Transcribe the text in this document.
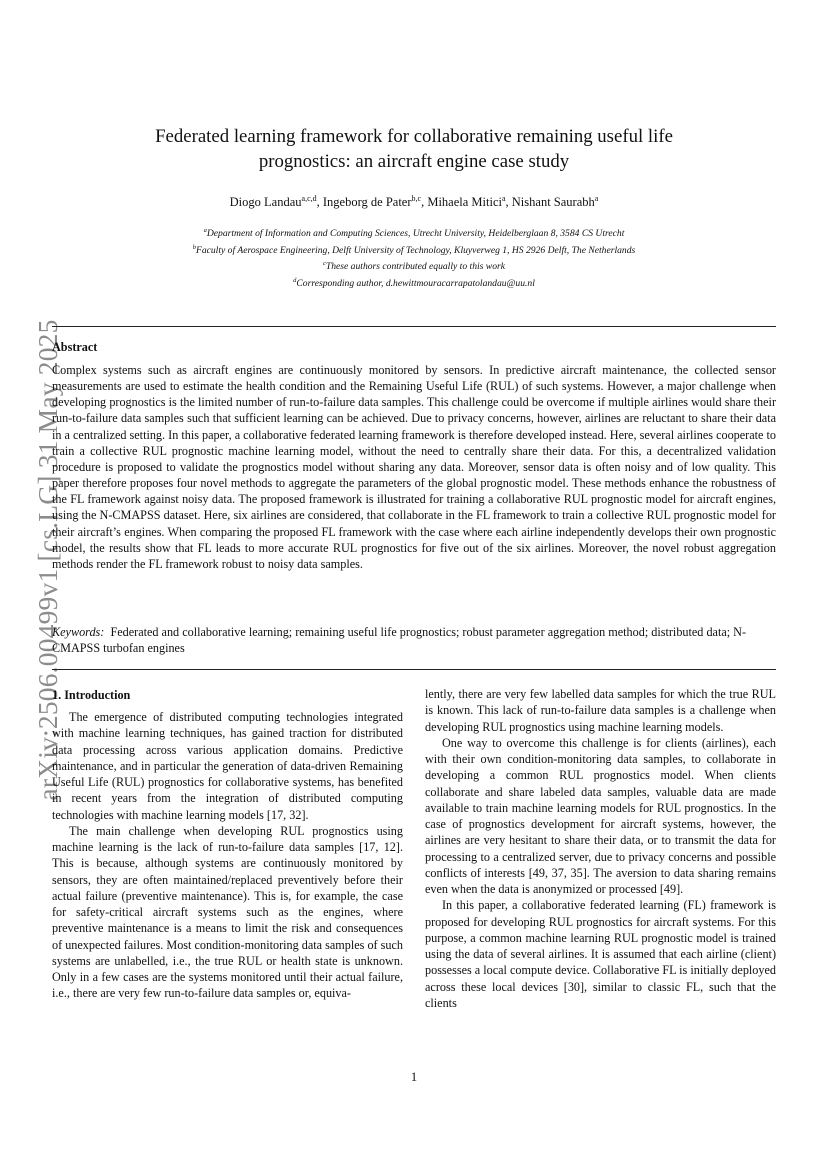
arXiv:2506.00499v1 [cs.LG] 31 May 2025
Federated learning framework for collaborative remaining useful life
prognostics: an aircraft engine case study
Diogo Landau$^{a,c,d}$, Ingeborg de Pater$^{b,c}$, Mihaela Mitici$^a$, Nishant Saurabh$^a$
$^a$Department of Information and Computing Sciences, Utrecht University, Heidelberglaan 8, 3584 CS Utrecht
$^b$Faculty of Aerospace Engineering, Delft University of Technology, Kluyverweg 1, HS 2926 Delft, The Netherlands
$^c$These authors contributed equally to this work
$^d$Corresponding author, d.hewittmouracarrapatolandau@uu.nl
Abstract

Complex systems such as aircraft engines are continuously monitored by sensors. In predictive aircraft maintenance, the collected sensor measurements are used to estimate the health condition and the Remaining Useful Life (RUL) of such systems. However, a major challenge when developing prognostics is the limited number of run-to-failure data samples. This challenge could be overcome if multiple airlines would share their run-to-failure data samples such that sufficient learning can be achieved. Due to privacy concerns, however, airlines are reluctant to share their data in a centralized setting. In this paper, a collaborative federated learning framework is therefore developed instead. Here, several airlines cooperate to train a collective RUL prognostic machine learning model, without the need to centrally share their data. For this, a decentralized validation procedure is proposed to validate the prognostics model without sharing any data. Moreover, sensor data is often noisy and of low quality. This paper therefore proposes four novel methods to aggregate the parameters of the global prognostic model. These methods enhance the robustness of the FL framework against noisy data. The proposed framework is illustrated for training a collaborative RUL prognostic model for aircraft engines, using the N-CMAPSS dataset. Here, six airlines are considered, that collaborate in the FL framework to train a collective RUL prognostic model for their aircraft’s engines. When comparing the proposed FL framework with the case where each airline independently develops their own prognostic model, the results show that FL leads to more accurate RUL prognostics for five out of the six airlines. Moreover, the novel robust aggregation methods render the FL framework robust to noisy data samples.

Keywords: Federated and collaborative learning; remaining useful life prognostics; robust parameter aggregation method; distributed data; N-CMAPSS turbofan engines

1. Introduction

The emergence of distributed computing technologies integrated with machine learning techniques, has gained traction for distributed data processing across various application domains. Predictive maintenance, and in particular the generation of data-driven Remaining Useful Life (RUL) prognostics for collaborative systems, has benefited in recent years from the integration of distributed computing technologies with machine learning models [17, 32].

The main challenge when developing RUL prognostics using machine learning is the lack of run-to-failure data samples [17, 12]. This is because, although systems are continuously monitored by sensors, they are often maintained/replaced preventively before their actual failure (preventive maintenance). This is, for example, the case for safety-critical aircraft systems such as the engines, where preventive maintenance is a means to limit the risk and consequences of unexpected failures. Most condition-monitoring data samples of such systems are unlabelled, i.e., the true RUL or health state is unknown. Only in a few cases are the systems monitored until their actual failure, i.e., there are very few run-to-failure data samples or, equiva-

lently, there are very few labelled data samples for which the true RUL is known. This lack of run-to-failure data samples is a challenge when developing RUL prognostics using machine learning models.

One way to overcome this challenge is for clients (airlines), each with their own condition-monitoring data samples, to collaborate in developing a common RUL prognostics model. When clients collaborate and share labeled data samples, valuable data are made available to train machine learning models for RUL prognostics. In the case of prognostics development for aircraft systems, however, the airlines are very hesitant to share their data, or to transmit the data for processing to a centralized server, due to privacy concerns and possible conflicts of interests [49, 37, 35]. The aversion to data sharing remains even when the data is anonymized or processed [49].

In this paper, a collaborative federated learning (FL) framework is proposed for developing RUL prognostics for aircraft systems. For this purpose, a common machine learning RUL prognostic model is trained using the data of several airlines. It is assumed that each airline (client) possesses a local compute device. Collaborative FL is initially deployed across these local devices [30], similar to classic FL, such that the clients

1
